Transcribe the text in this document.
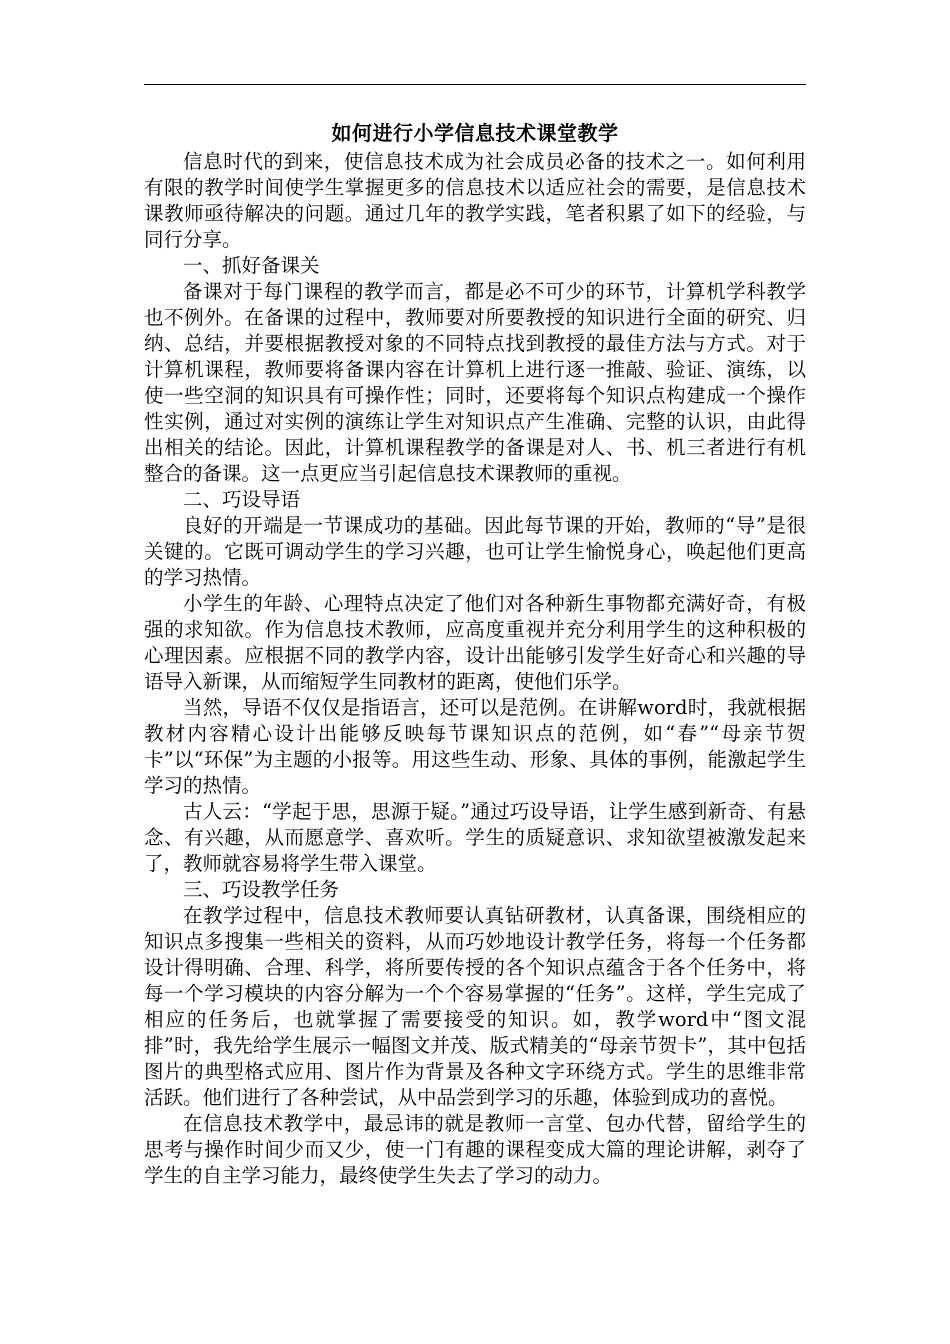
如何进行小学信息技术课堂教学

信息时代的到来，使信息技术成为社会成员必备的技术之一。如何利用有限的教学时间使学生掌握更多的信息技术以适应社会的需要，是信息技术课教师亟待解决的问题。通过几年的教学实践，笔者积累了如下的经验，与同行分享。

一、抓好备课关

备课对于每门课程的教学而言，都是必不可少的环节，计算机学科教学也不例外。在备课的过程中，教师要对所要教授的知识进行全面的研究、归纳、总结，并要根据教授对象的不同特点找到教授的最佳方法与方式。对于计算机课程，教师要将备课内容在计算机上进行逐一推敲、验证、演练，以使一些空洞的知识具有可操作性；同时，还要将每个知识点构建成一个操作性实例，通过对实例的演练让学生对知识点产生准确、完整的认识，由此得出相关的结论。因此，计算机课程教学的备课是对人、书、机三者进行有机整合的备课。这一点更应当引起信息技术课教师的重视。

二、巧设导语

良好的开端是一节课成功的基础。因此每节课的开始，教师的“导”是很关键的。它既可调动学生的学习兴趣，也可让学生愉悦身心，唤起他们更高的学习热情。

小学生的年龄、心理特点决定了他们对各种新生事物都充满好奇，有极强的求知欲。作为信息技术教师，应高度重视并充分利用学生的这种积极的心理因素。应根据不同的教学内容，设计出能够引发学生好奇心和兴趣的导语导入新课，从而缩短学生同教材的距离，使他们乐学。

当然，导语不仅仅是指语言，还可以是范例。在讲解word时，我就根据教材内容精心设计出能够反映每节课知识点的范例，如“春”“母亲节贺卡”以“环保”为主题的小报等。用这些生动、形象、具体的事例，能激起学生学习的热情。

古人云：“学起于思，思源于疑。”通过巧设导语，让学生感到新奇、有悬念、有兴趣，从而愿意学、喜欢听。学生的质疑意识、求知欲望被激发起来了，教师就容易将学生带入课堂。

三、巧设教学任务

在教学过程中，信息技术教师要认真钻研教材，认真备课，围绕相应的知识点多搜集一些相关的资料，从而巧妙地设计教学任务，将每一个任务都设计得明确、合理、科学，将所要传授的各个知识点蕴含于各个任务中，将每一个学习模块的内容分解为一个个容易掌握的“任务”。这样，学生完成了相应的任务后，也就掌握了需要接受的知识。如，教学word中“图文混排”时，我先给学生展示一幅图文并茂、版式精美的“母亲节贺卡”，其中包括图片的典型格式应用、图片作为背景及各种文字环绕方式。学生的思维非常活跃。他们进行了各种尝试，从中品尝到学习的乐趣，体验到成功的喜悦。

在信息技术教学中，最忌讳的就是教师一言堂、包办代替，留给学生的思考与操作时间少而又少，使一门有趣的课程变成大篇的理论讲解，剥夺了学生的自主学习能力，最终使学生失去了学习的动力。
